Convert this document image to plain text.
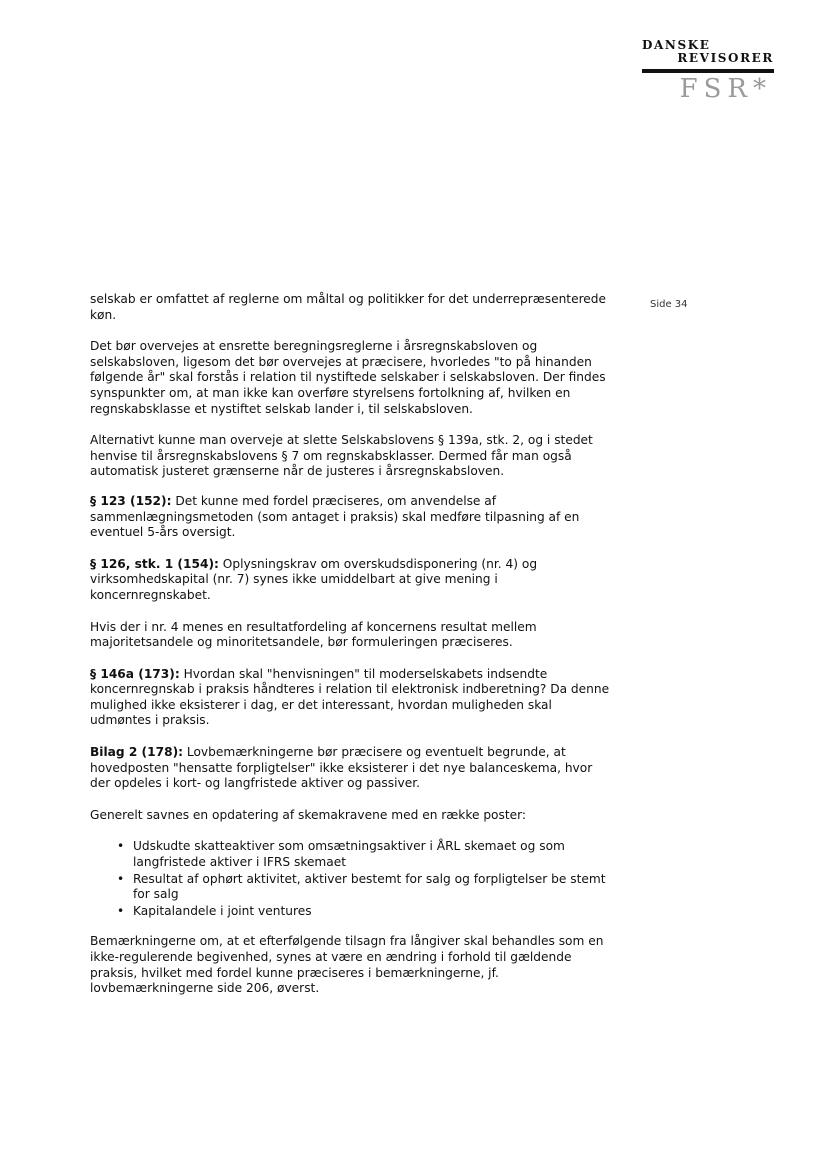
DANSKE
REVISORER
FSR*
Side 34

selskab er omfattet af reglerne om måltal og politikker for det underrepræsenterede køn.

Det bør overvejes at ensrette beregningsreglerne i årsregnskabsloven og selskabsloven, ligesom det bør overvejes at præcisere, hvorledes "to på hinanden følgende år" skal forstås i relation til nystiftede selskaber i selskabsloven. Der findes synspunkter om, at man ikke kan overføre styrelsens fortolkning af, hvilken en regnskabsklasse et nystiftet selskab lander i, til selskabsloven.

Alternativt kunne man overveje at slette Selskabslovens § 139a, stk. 2, og i stedet henvise til årsregnskabslovens § 7 om regnskabsklasser. Dermed får man også automatisk justeret grænserne når de justeres i årsregnskabsloven.

§ 123 (152): Det kunne med fordel præciseres, om anvendelse af sammenlægningsmetoden (som antaget i praksis) skal medføre tilpasning af en eventuel 5-års oversigt.

§ 126, stk. 1 (154): Oplysningskrav om overskudsdisponering (nr. 4) og virksomhedskapital (nr. 7) synes ikke umiddelbart at give mening i koncernregnskabet.

Hvis der i nr. 4 menes en resultatfordeling af koncernens resultat mellem majoritetsandele og minoritetsandele, bør formuleringen præciseres.

§ 146a (173): Hvordan skal "henvisningen" til moderselskabets indsendte koncernregnskab i praksis håndteres i relation til elektronisk indberetning? Da denne mulighed ikke eksisterer i dag, er det interessant, hvordan muligheden skal udmøntes i praksis.

Bilag 2 (178): Lovbemærkningerne bør præcisere og eventuelt begrunde, at hovedposten "hensatte forpligtelser" ikke eksisterer i det nye balanceskema, hvor der opdeles i kort- og langfristede aktiver og passiver.

Generelt savnes en opdatering af skemakravene med en række poster:

• Udskudte skatteaktiver som omsætningsaktiver i ÅRL skemaet og som langfristede aktiver i IFRS skemaet
• Resultat af ophørt aktivitet, aktiver bestemt for salg og forpligtelser be stemt for salg
• Kapitalandele i joint ventures

Bemærkningerne om, at et efterfølgende tilsagn fra långiver skal behandles som en ikke-regulerende begivenhed, synes at være en ændring i forhold til gældende praksis, hvilket med fordel kunne præciseres i bemærkningerne, jf. lovbemærkningerne side 206, øverst.
